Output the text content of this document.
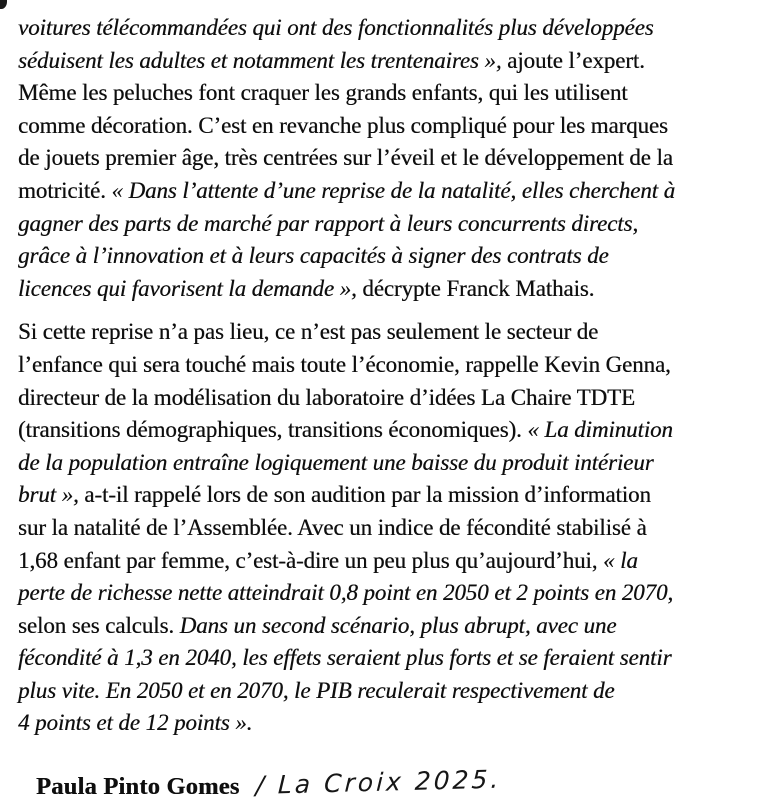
voitures télécommandées qui ont des fonctionnalités plus développées
séduisent les adultes et notamment les trentenaires », ajoute l’expert.
Même les peluches font craquer les grands enfants, qui les utilisent
comme décoration. C’est en revanche plus compliqué pour les marques
de jouets premier âge, très centrées sur l’éveil et le développement de la
motricité. « Dans l’attente d’une reprise de la natalité, elles cherchent à
gagner des parts de marché par rapport à leurs concurrents directs,
grâce à l’innovation et à leurs capacités à signer des contrats de
licences qui favorisent la demande », décrypte Franck Mathais.
Si cette reprise n’a pas lieu, ce n’est pas seulement le secteur de
l’enfance qui sera touché mais toute l’économie, rappelle Kevin Genna,
directeur de la modélisation du laboratoire d’idées La Chaire TDTE
(transitions démographiques, transitions économiques). « La diminution
de la population entraîne logiquement une baisse du produit intérieur
brut », a-t-il rappelé lors de son audition par la mission d’information
sur la natalité de l’Assemblée. Avec un indice de fécondité stabilisé à
1,68 enfant par femme, c’est-à-dire un peu plus qu’aujourd’hui, « la
perte de richesse nette atteindrait 0,8 point en 2050 et 2 points en 2070,
selon ses calculs. Dans un second scénario, plus abrupt, avec une
fécondité à 1,3 en 2040, les effets seraient plus forts et se feraient sentir
plus vite. En 2050 et en 2070, le PIB reculerait respectivement de
4 points et de 12 points ».

Paula Pinto Gomes / La Croix 2025.
